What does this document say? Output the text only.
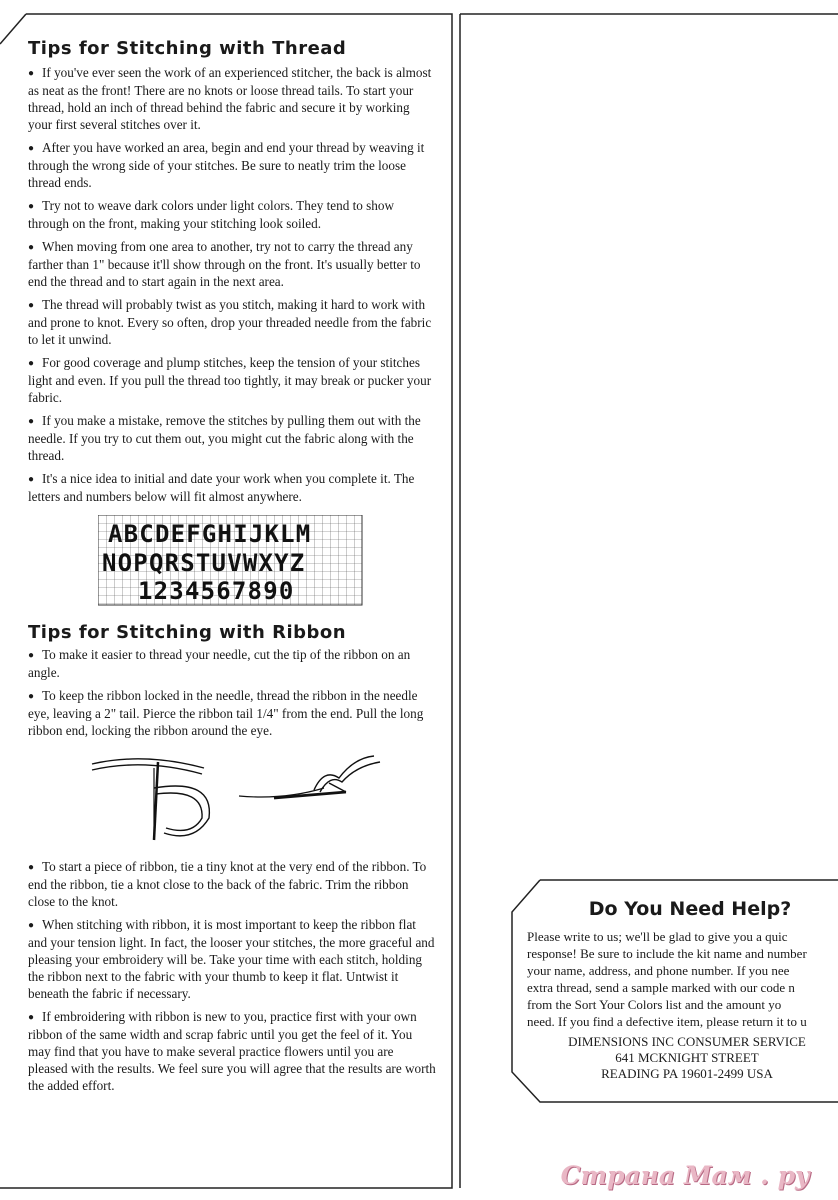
Tips for Stitching with Thread

● If you've ever seen the work of an experienced stitcher, the back is almost as neat as the front! There are no knots or loose thread tails. To start your thread, hold an inch of thread behind the fabric and secure it by working your first several stitches over it.

● After you have worked an area, begin and end your thread by weaving it through the wrong side of your stitches. Be sure to neatly trim the loose thread ends.

● Try not to weave dark colors under light colors. They tend to show through on the front, making your stitching look soiled.

● When moving from one area to another, try not to carry the thread any farther than 1" because it'll show through on the front. It's usually better to end the thread and to start again in the next area.

● The thread will probably twist as you stitch, making it hard to work with and prone to knot. Every so often, drop your threaded needle from the fabric to let it unwind.

● For good coverage and plump stitches, keep the tension of your stitches light and even. If you pull the thread too tightly, it may break or pucker your fabric.

● If you make a mistake, remove the stitches by pulling them out with the needle. If you try to cut them out, you might cut the fabric along with the thread.

● It's a nice idea to initial and date your work when you complete it. The letters and numbers below will fit almost anywhere.

Tips for Stitching with Ribbon

● To make it easier to thread your needle, cut the tip of the ribbon on an angle.

● To keep the ribbon locked in the needle, thread the ribbon in the needle eye, leaving a 2" tail. Pierce the ribbon tail 1/4" from the end. Pull the long ribbon end, locking the ribbon around the eye.

● To start a piece of ribbon, tie a tiny knot at the very end of the ribbon. To end the ribbon, tie a knot close to the back of the fabric. Trim the ribbon close to the knot.

● When stitching with ribbon, it is most important to keep the ribbon flat and your tension light. In fact, the looser your stitches, the more graceful and pleasing your embroidery will be. Take your time with each stitch, holding the ribbon next to the fabric with your thumb to keep it flat. Untwist it beneath the fabric if necessary.

● If embroidering with ribbon is new to you, practice first with your own ribbon of the same width and scrap fabric until you get the feel of it. You may find that you have to make several practice flowers until you are pleased with the results. We feel sure you will agree that the results are worth the added effort.

ABCDEFGHIJKLM
NOPQRSTUVWXYZ
1234567890
Do You Need Help?
Please write to us; we'll be glad to give you a quic
response! Be sure to include the kit name and number
your name, address, and phone number. If you nee
extra thread, send a sample marked with our code n
from the Sort Your Colors list and the amount yo
need. If you find a defective item, please return it to u
DIMENSIONS INC CONSUMER SERVICE
641 MCKNIGHT STREET
READING PA 19601-2499 USA
Страна Мам . ру
